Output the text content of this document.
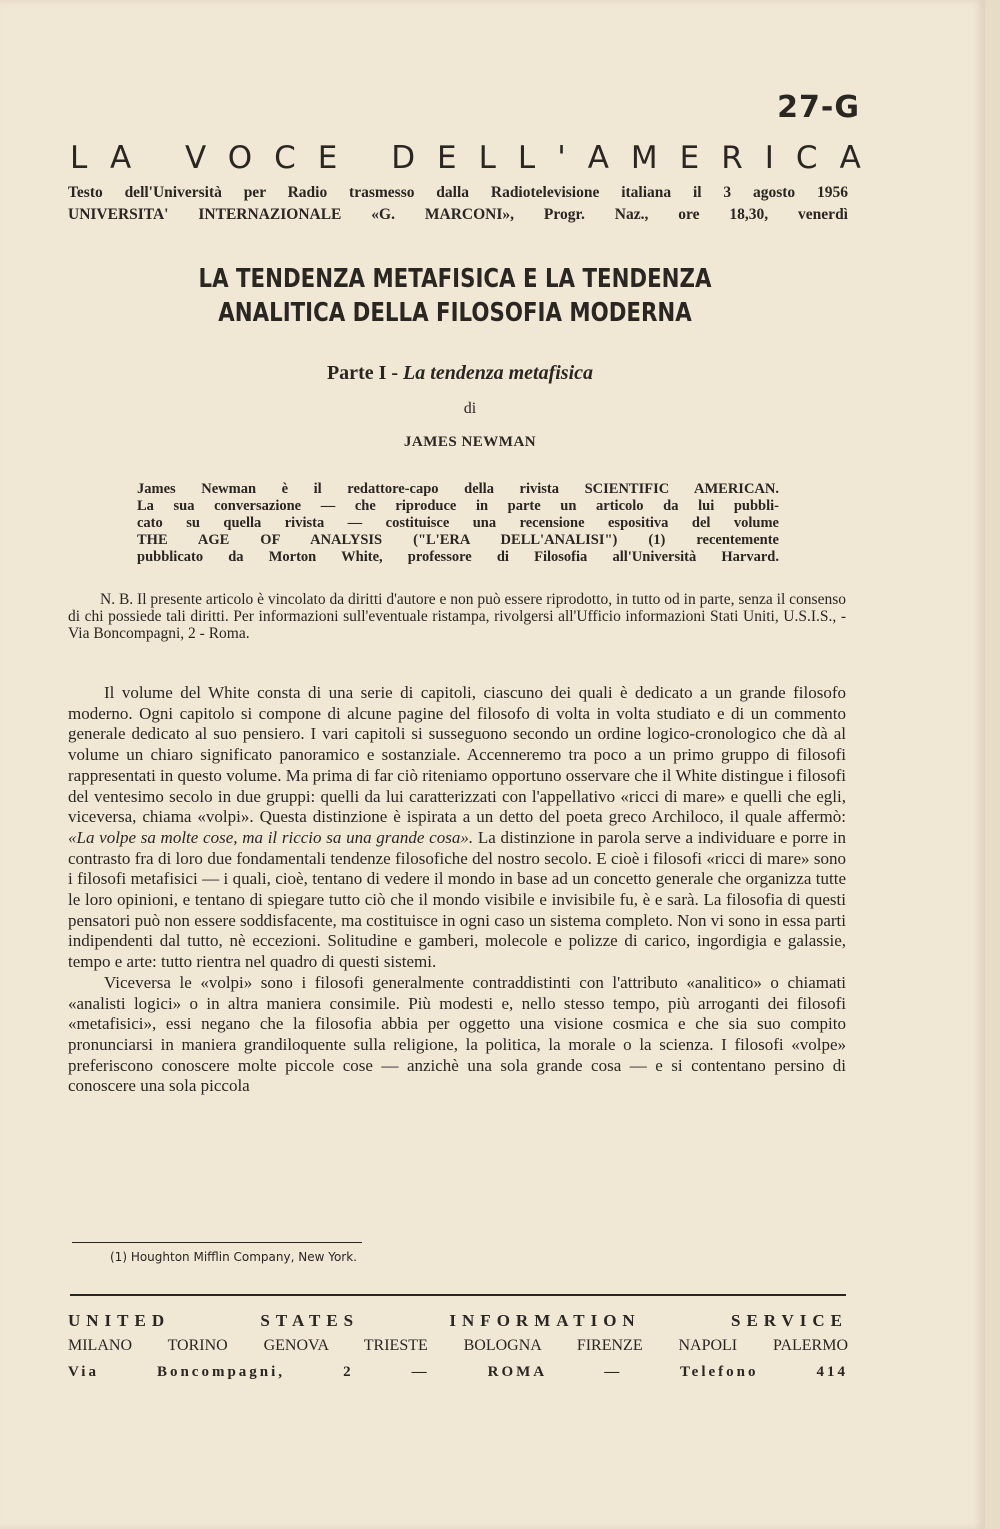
27-G
LA VOCE DELL'AMERICA
Testo dell'Università per Radio trasmesso dalla Radiotelevisione italiana il 3 agosto 1956
UNIVERSITA' INTERNAZIONALE «G. MARCONI», Progr. Naz., ore 18,30, venerdì
LA TENDENZA METAFISICA E LA TENDENZA
ANALITICA DELLA FILOSOFIA MODERNA
Parte I - La tendenza metafisica
di
JAMES NEWMAN
James Newman è il redattore-capo della rivista SCIENTIFIC AMERICAN.
La sua conversazione — che riproduce in parte un articolo da lui pubbli-
cato su quella rivista — costituisce una recensione espositiva del volume
THE AGE OF ANALYSIS ("L'ERA DELL'ANALISI") (1) recentemente
pubblicato da Morton White, professore di Filosofia all'Università Harvard.

N. B. Il presente articolo è vincolato da diritti d'autore e non può essere riprodotto, in tutto od in parte, senza il consenso di chi possiede tali diritti. Per informazioni sull'eventuale ristampa, rivolgersi all'Ufficio informazioni Stati Uniti, U.S.I.S., - Via Boncompagni, 2 - Roma.

Il volume del White consta di una serie di capitoli, ciascuno dei quali è dedicato a un grande filosofo moderno. Ogni capitolo si compone di alcune pagine del filosofo di volta in volta studiato e di un commento generale dedicato al suo pensiero. I vari capitoli si susseguono secondo un ordine logico-cronologico che dà al volume un chiaro significato panoramico e sostanziale. Accenneremo tra poco a un primo gruppo di filosofi rappresentati in questo volume. Ma prima di far ciò riteniamo opportuno osservare che il White distingue i filosofi del ventesimo secolo in due gruppi: quelli da lui caratterizzati con l'appellativo «ricci di mare» e quelli che egli, viceversa, chiama «volpi». Questa distinzione è ispirata a un detto del poeta greco Archiloco, il quale affermò: «La volpe sa molte cose, ma il riccio sa una grande cosa». La distinzione in parola serve a individuare e porre in contrasto fra di loro due fondamentali tendenze filosofiche del nostro secolo. E cioè i filosofi «ricci di mare» sono i filosofi metafisici — i quali, cioè, tentano di vedere il mondo in base ad un concetto generale che organizza tutte le loro opinioni, e tentano di spiegare tutto ciò che il mondo visibile e invisibile fu, è e sarà. La filosofia di questi pensatori può non essere soddisfacente, ma costituisce in ogni caso un sistema completo. Non vi sono in essa parti indipendenti dal tutto, nè eccezioni. Solitudine e gamberi, molecole e polizze di carico, ingordigia e galassie, tempo e arte: tutto rientra nel quadro di questi sistemi.

Viceversa le «volpi» sono i filosofi generalmente contraddistinti con l'attributo «analitico» o chiamati «analisti logici» o in altra maniera consimile. Più modesti e, nello stesso tempo, più arroganti dei filosofi «metafisici», essi negano che la filosofia abbia per oggetto una visione cosmica e che sia suo compito pronunciarsi in maniera grandiloquente sulla religione, la politica, la morale o la scienza. I filosofi «volpe» preferiscono conoscere molte piccole cose — anzichè una sola grande cosa — e si contentano persino di conoscere una sola piccola

(1) Houghton Mifflin Company, New York.
UNITED STATES INFORMATION SERVICE
MILANO TORINO GENOVA TRIESTE BOLOGNA FIRENZE NAPOLI PALERMO
Via Boncompagni, 2 — ROMA — Telefono 414
